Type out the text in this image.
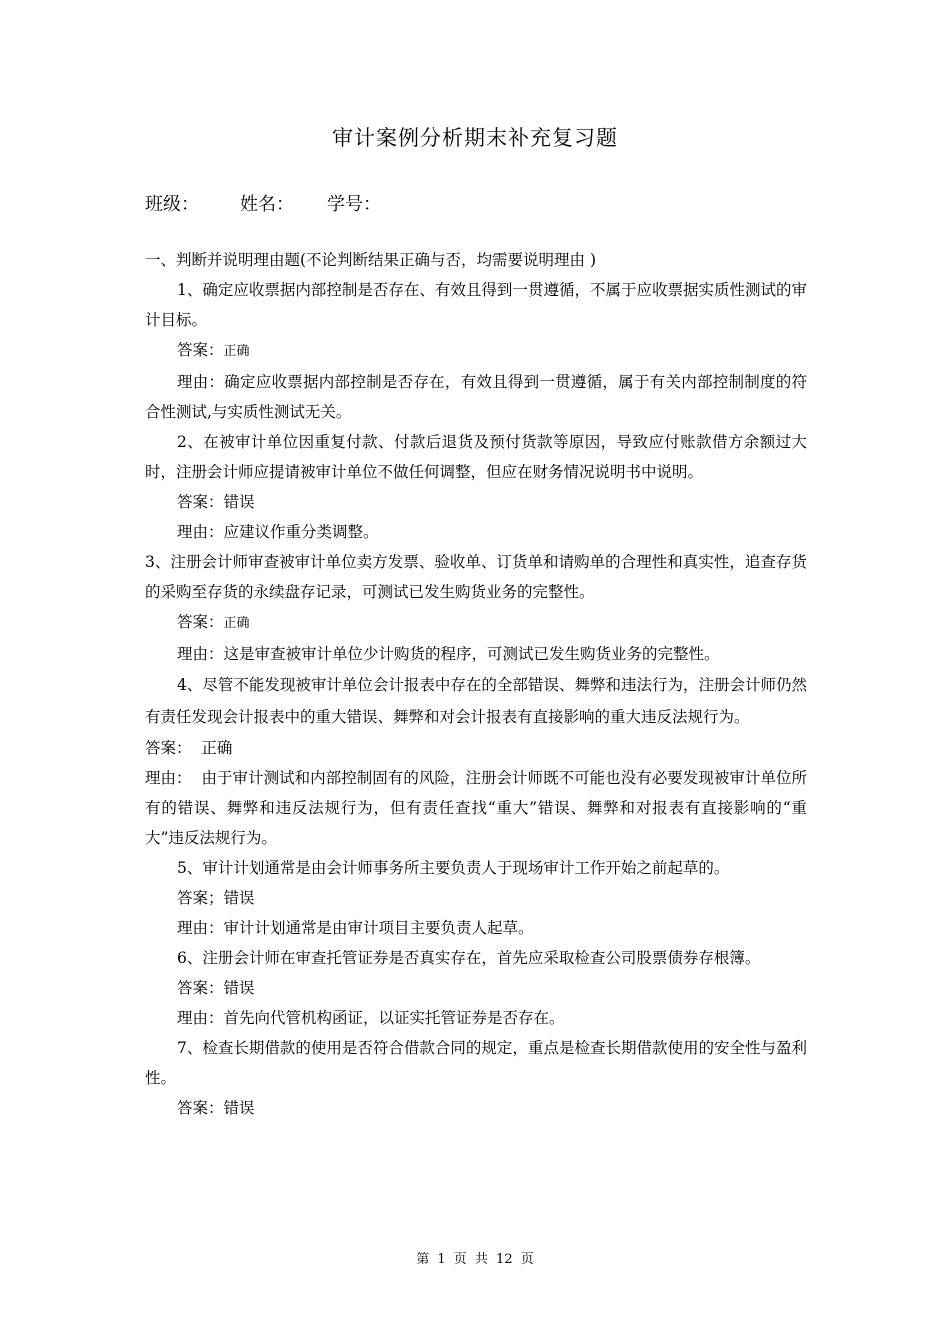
审计案例分析期末补充复习题
班级： 姓名： 学号：

一、判断并说明理由题(不论判断结果正确与否，均需要说明理由 )

1、确定应收票据内部控制是否存在、有效且得到一贯遵循，不属于应收票据实质性测试的审计目标。

答案：正确

理由：确定应收票据内部控制是否存在，有效且得到一贯遵循，属于有关内部控制制度的符合性测试,与实质性测试无关。

2、在被审计单位因重复付款、付款后退货及预付货款等原因，导致应付账款借方余额过大时，注册会计师应提请被审计单位不做任何调整，但应在财务情况说明书中说明。

答案：错误

理由：应建议作重分类调整。

3、注册会计师审查被审计单位卖方发票、验收单、订货单和请购单的合理性和真实性，追查存货的采购至存货的永续盘存记录，可测试已发生购货业务的完整性。

答案：正确

理由：这是审查被审计单位少计购货的程序，可测试已发生购货业务的完整性。

4、尽管不能发现被审计单位会计报表中存在的全部错误、舞弊和违法行为，注册会计师仍然有责任发现会计报表中的重大错误、舞弊和对会计报表有直接影响的重大违反法规行为。

答案：  正确

理由：  由于审计测试和内部控制固有的风险，注册会计师既不可能也没有必要发现被审计单位所有的错误、舞弊和违反法规行为，但有责任查找“重大”错误、舞弊和对报表有直接影响的“重大”违反法规行为。

5、审计计划通常是由会计师事务所主要负责人于现场审计工作开始之前起草的。

答案；错误

理由：审计计划通常是由审计项目主要负责人起草。

6、注册会计师在审查托管证券是否真实存在，首先应采取检查公司股票债券存根簿。

答案：错误

理由：首先向代管机构函证，以证实托管证券是否存在。

7、检查长期借款的使用是否符合借款合同的规定，重点是检查长期借款使用的安全性与盈利性。

答案：错误

第 1 页 共 12 页
